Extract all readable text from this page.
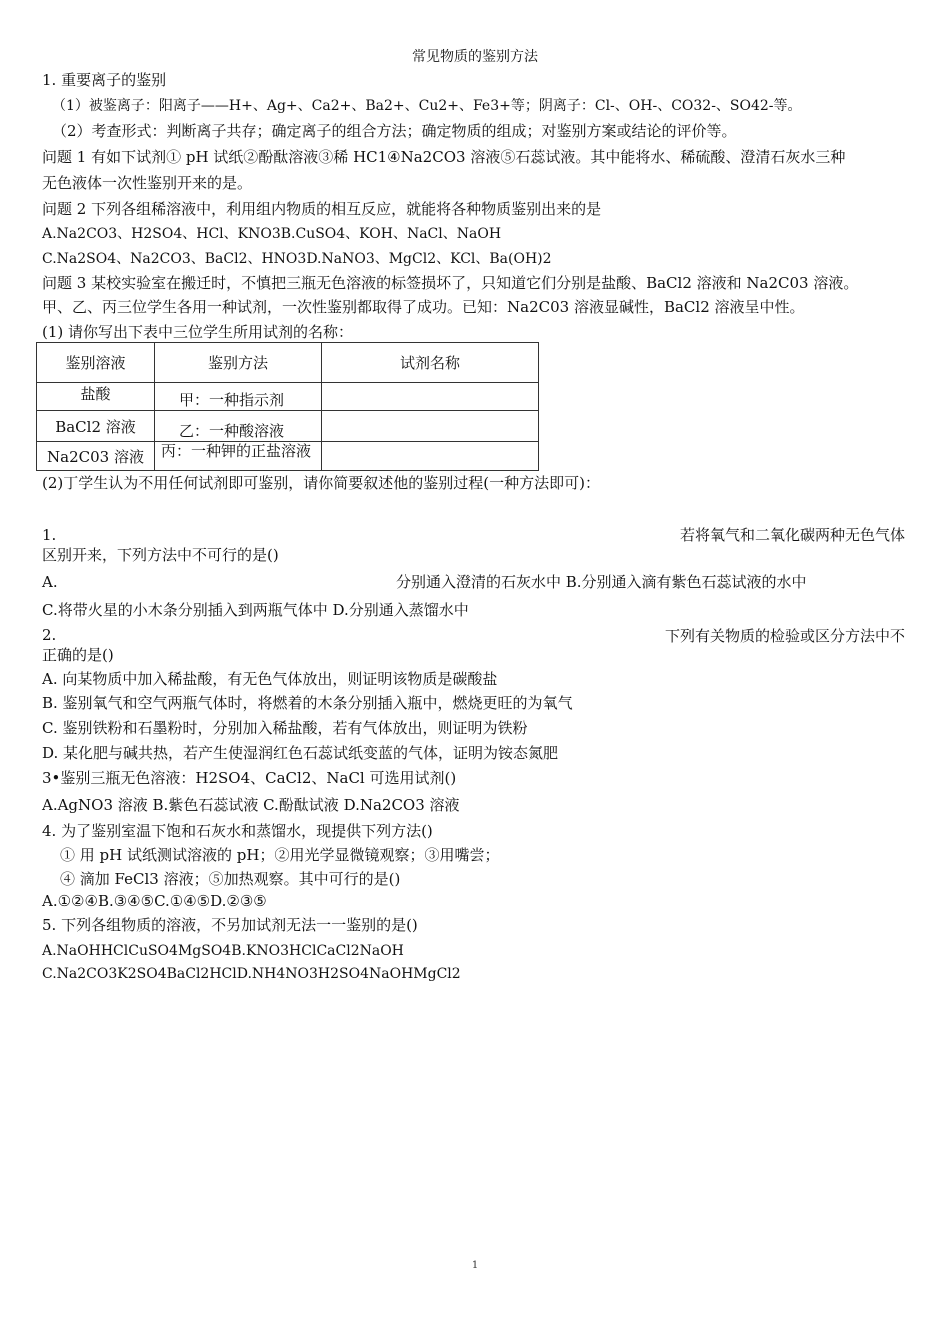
常见物质的鉴别方法
1. 重要离子的鉴别
（1）被鉴离子：阳离子——H+、Ag+、Ca2+、Ba2+、Cu2+、Fe3+等；阴离子：Cl-、OH-、CO32-、SO42-等。
（2）考查形式：判断离子共存；确定离子的组合方法；确定物质的组成；对鉴别方案或结论的评价等。
问题 1 有如下试剂① pH 试纸②酚酞溶液③稀 HC1④Na2CO3 溶液⑤石蕊试液。其中能将水、稀硫酸、澄清石灰水三种
无色液体一次性鉴别开来的是。
问题 2 下列各组稀溶液中，利用组内物质的相互反应，就能将各种物质鉴别出来的是
A.Na2CO3、H2SO4、HCl、KNO3B.CuSO4、KOH、NaCl、NaOH
C.Na2SO4、Na2CO3、BaCl2、HNO3D.NaNO3、MgCl2、KCl、Ba(OH)2
问题 3 某校实验室在搬迁时，不慎把三瓶无色溶液的标签损坏了，只知道它们分别是盐酸、BaCl2 溶液和 Na2C03 溶液。
甲、乙、丙三位学生各用一种试剂，一次性鉴别都取得了成功。已知：Na2C03 溶液显碱性，BaCl2 溶液呈中性。
(1) 请你写出下表中三位学生所用试剂的名称：
鉴别溶液	鉴别方法	试剂名称
盐酸	甲：一种指示剂	
BaCl2 溶液	乙：一种酸溶液	
Na2C03 溶液	丙：一种钾的正盐溶液	

(2)丁学生认为不用任何试剂即可鉴别，请你简要叙述他的鉴别过程(一种方法即可)：
1.	若将氧气和二氧化碳两种无色气体
区别开来，下列方法中不可行的是()
A.	分别通入澄清的石灰水中 B.分别通入滴有紫色石蕊试液的水中
C.将带火星的小木条分别插入到两瓶气体中 D.分别通入蒸馏水中
2.	下列有关物质的检验或区分方法中不
正确的是()
A. 向某物质中加入稀盐酸，有无色气体放出，则证明该物质是碳酸盐
B. 鉴别氧气和空气两瓶气体时，将燃着的木条分别插入瓶中，燃烧更旺的为氧气
C. 鉴别铁粉和石墨粉时，分别加入稀盐酸，若有气体放出，则证明为铁粉
D. 某化肥与碱共热，若产生使湿润红色石蕊试纸变蓝的气体，证明为铵态氮肥
3•鉴别三瓶无色溶液：H2SO4、CaCl2、NaCl 可选用试剂()
A.AgNO3 溶液 B.紫色石蕊试液 C.酚酞试液 D.Na2CO3 溶液
4. 为了鉴别室温下饱和石灰水和蒸馏水，现提供下列方法()
① 用 pH 试纸测试溶液的 pH；②用光学显微镜观察；③用嘴尝；
④ 滴加 FeCl3 溶液；⑤加热观察。其中可行的是()
A.①②④B.③④⑤C.①④⑤D.②③⑤
5. 下列各组物质的溶液，不另加试剂无法一一鉴别的是()
A.NaOHHClCuSO4MgSO4B.KNO3HClCaCl2NaOH
C.Na2CO3K2SO4BaCl2HClD.NH4NO3H2SO4NaOHMgCl2
1
